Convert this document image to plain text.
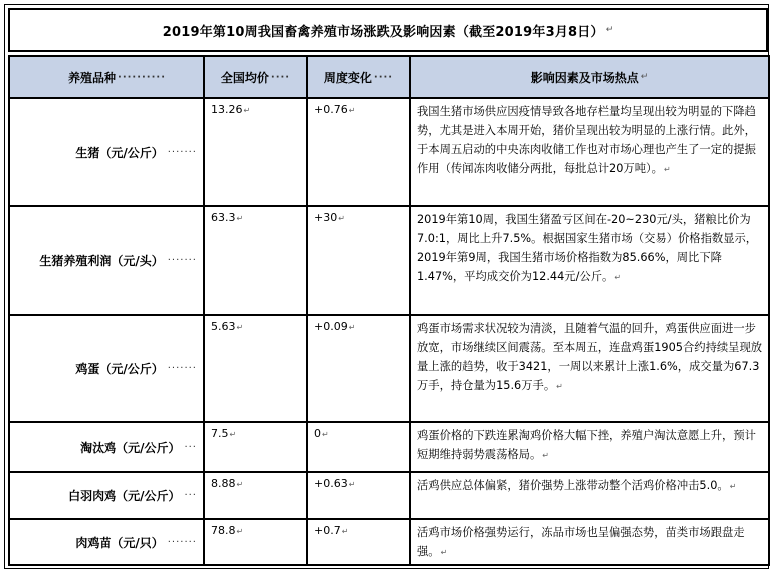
2019年第10周我国畜禽养殖市场涨跌及影响因素（截至2019年3月8日） ↵
养殖品种 ··········	全国均价 ····	周度变化 ····	影响因素及市场热点 ↵

生猪（元/公斤） ·······	13.26↵	+0.76↵	我国生猪市场供应因疫情导致各地存栏量均呈现出较为明显的下降趋势，尤其是进入本周开始，猪价呈现出较为明显的上涨行情。此外，于本周五启动的中央冻肉收储工作也对市场心理也产生了一定的提振作用（传闻冻肉收储分两批，每批总计20万吨）。↵

生猪养殖利润（元/头） ·······	63.3↵	+30↵	2019年第10周，我国生猪盈亏区间在-20~230元/头，猪粮比价为7.0:1，周比上升7.5%。根据国家生猪市场（交易）价格指数显示，2019年第9周，我国生猪市场价格指数为85.66%，周比下降1.47%，平均成交价为12.44元/公斤。↵

鸡蛋（元/公斤） ·······	5.63↵	+0.09↵	鸡蛋市场需求状况较为清淡，且随着气温的回升，鸡蛋供应面进一步放宽，市场继续区间震荡。至本周五，连盘鸡蛋1905合约持续呈现放量上涨的趋势，收于3421，一周以来累计上涨1.6%，成交量为67.3万手，持仓量为15.6万手。↵

淘汰鸡（元/公斤） ···	7.5↵	0↵	鸡蛋价格的下跌连累淘鸡价格大幅下挫，养殖户淘汰意愿上升，预计短期维持弱势震荡格局。↵

白羽肉鸡（元/公斤） ···	8.88↵	+0.63↵	活鸡供应总体偏紧，猪价强势上涨带动整个活鸡价格冲击5.0。↵

肉鸡苗（元/只） ·······	78.8↵	+0.7↵	活鸡市场价格强势运行，冻品市场也呈偏强态势，苗类市场跟盘走强。↵
